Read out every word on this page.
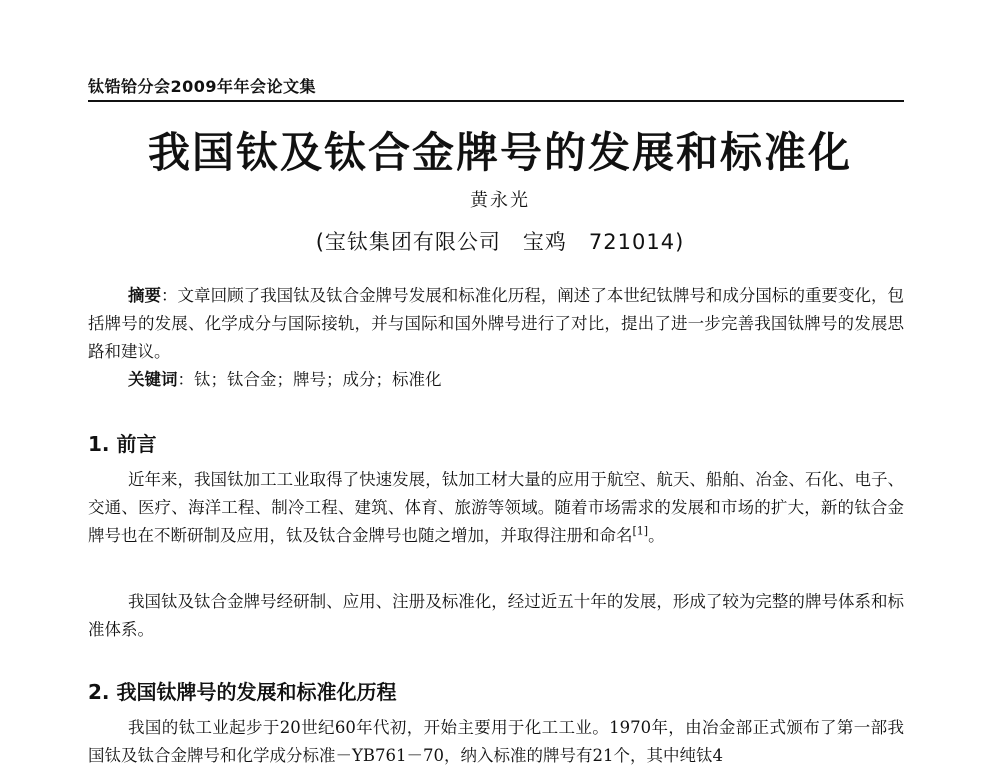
钛锆铪分会2009年年会论文集
我国钛及钛合金牌号的发展和标准化
黄永光
(宝钛集团有限公司　宝鸡　721014)

摘要：文章回顾了我国钛及钛合金牌号发展和标准化历程，阐述了本世纪钛牌号和成分国标的重要变化，包括牌号的发展、化学成分与国际接轨，并与国际和国外牌号进行了对比，提出了进一步完善我国钛牌号的发展思路和建议。

关键词：钛；钛合金；牌号；成分；标准化

1. 前言

近年来，我国钛加工工业取得了快速发展，钛加工材大量的应用于航空、航天、船舶、冶金、石化、电子、交通、医疗、海洋工程、制冷工程、建筑、体育、旅游等领域。随着市场需求的发展和市场的扩大，新的钛合金牌号也在不断研制及应用，钛及钛合金牌号也随之增加，并取得注册和命名[1]。

我国钛及钛合金牌号经研制、应用、注册及标准化，经过近五十年的发展，形成了较为完整的牌号体系和标准体系。

2. 我国钛牌号的发展和标准化历程

我国的钛工业起步于20世纪60年代初，开始主要用于化工工业。1970年，由冶金部正式颁布了第一部我国钛及钛合金牌号和化学成分标准－YB761－70，纳入标准的牌号有21个，其中纯钛4
